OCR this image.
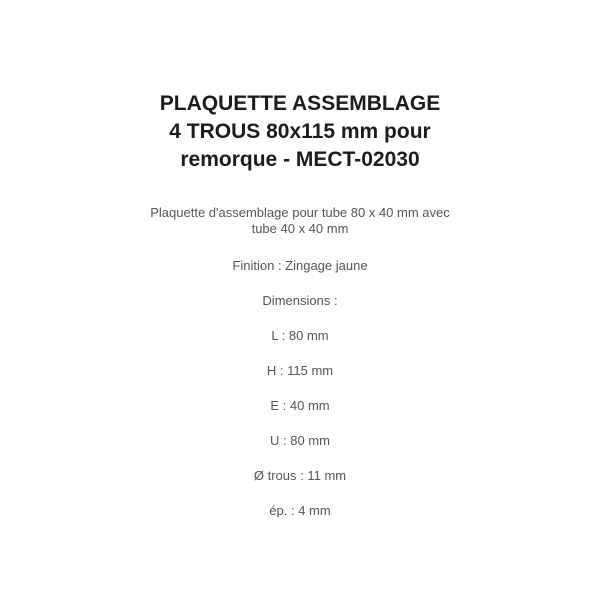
PLAQUETTE ASSEMBLAGE
4 TROUS 80x115 mm pour
remorque - MECT-02030
Plaquette d'assemblage pour tube 80 x 40 mm avec
tube 40 x 40 mm
Finition : Zingage jaune
Dimensions :
L : 80 mm
H : 115 mm
E : 40 mm
U : 80 mm
Ø trous : 11 mm
ép. : 4 mm
